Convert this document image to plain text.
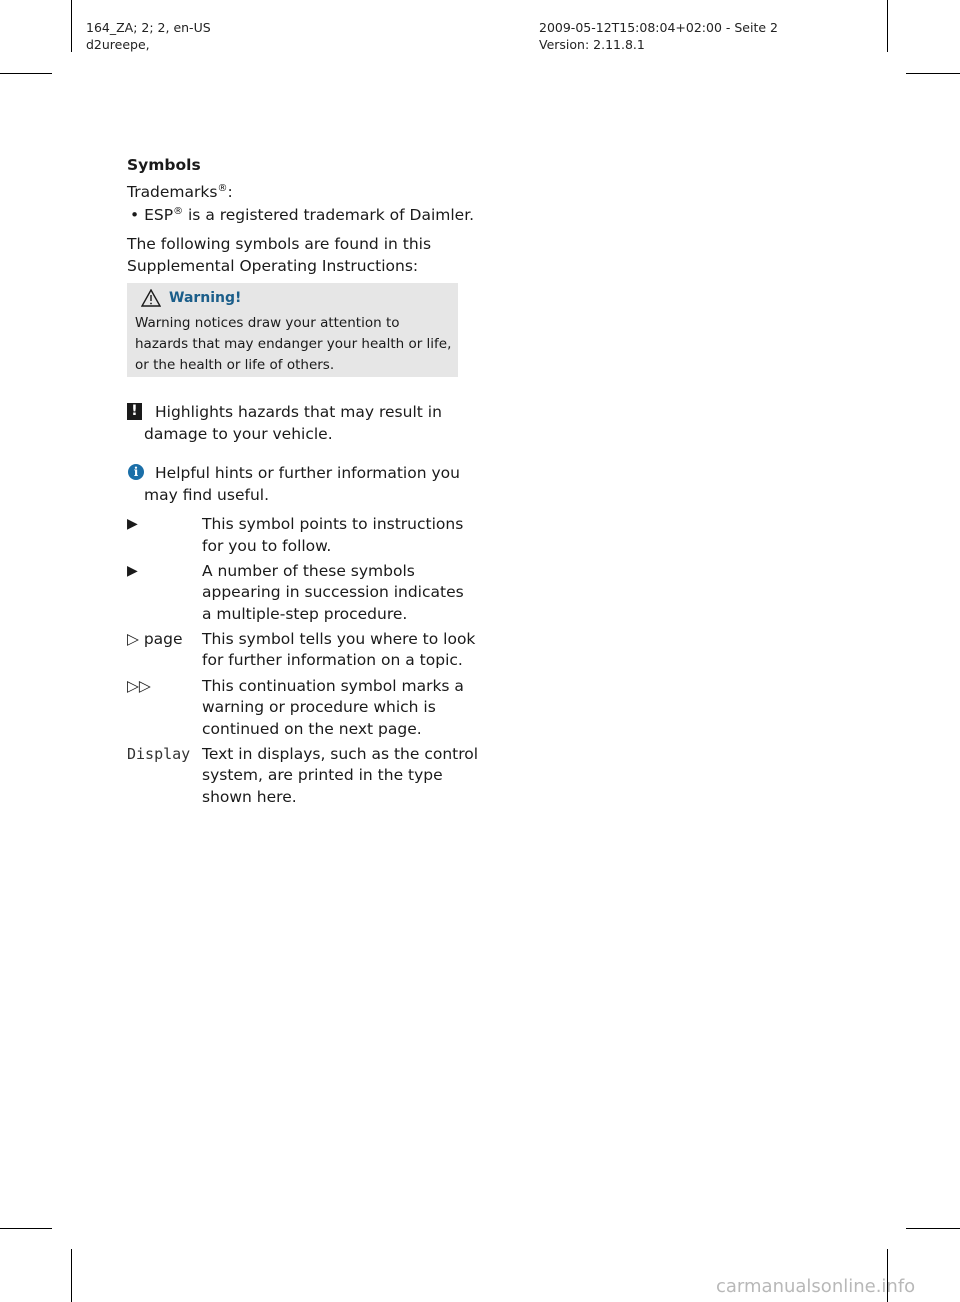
164_ZA; 2; 2, en-US
d2ureepe,
2009-05-12T15:08:04+02:00 - Seite 2
Version: 2.11.8.1
Symbols
Trademarks®:
• ESP® is a registered trademark of Daimler.
The following symbols are found in this
Supplemental Operating Instructions:
Warning!
Warning notices draw your attention to
hazards that may endanger your health or life,
or the health or life of others.
! Highlights hazards that may result in
damage to your vehicle.
i	Helpful hints or further information you
may find useful.
▶	This symbol points to instructions
for you to follow.
▶	A number of these symbols
appearing in succession indicates
a multiple-step procedure.
▷ page This symbol tells you where to look
for further information on a topic.
▷▷	This continuation symbol marks a
warning or procedure which is
continued on the next page.
Display Text in displays, such as the control
system, are printed in the type
shown here.
carmanualsonline.info
